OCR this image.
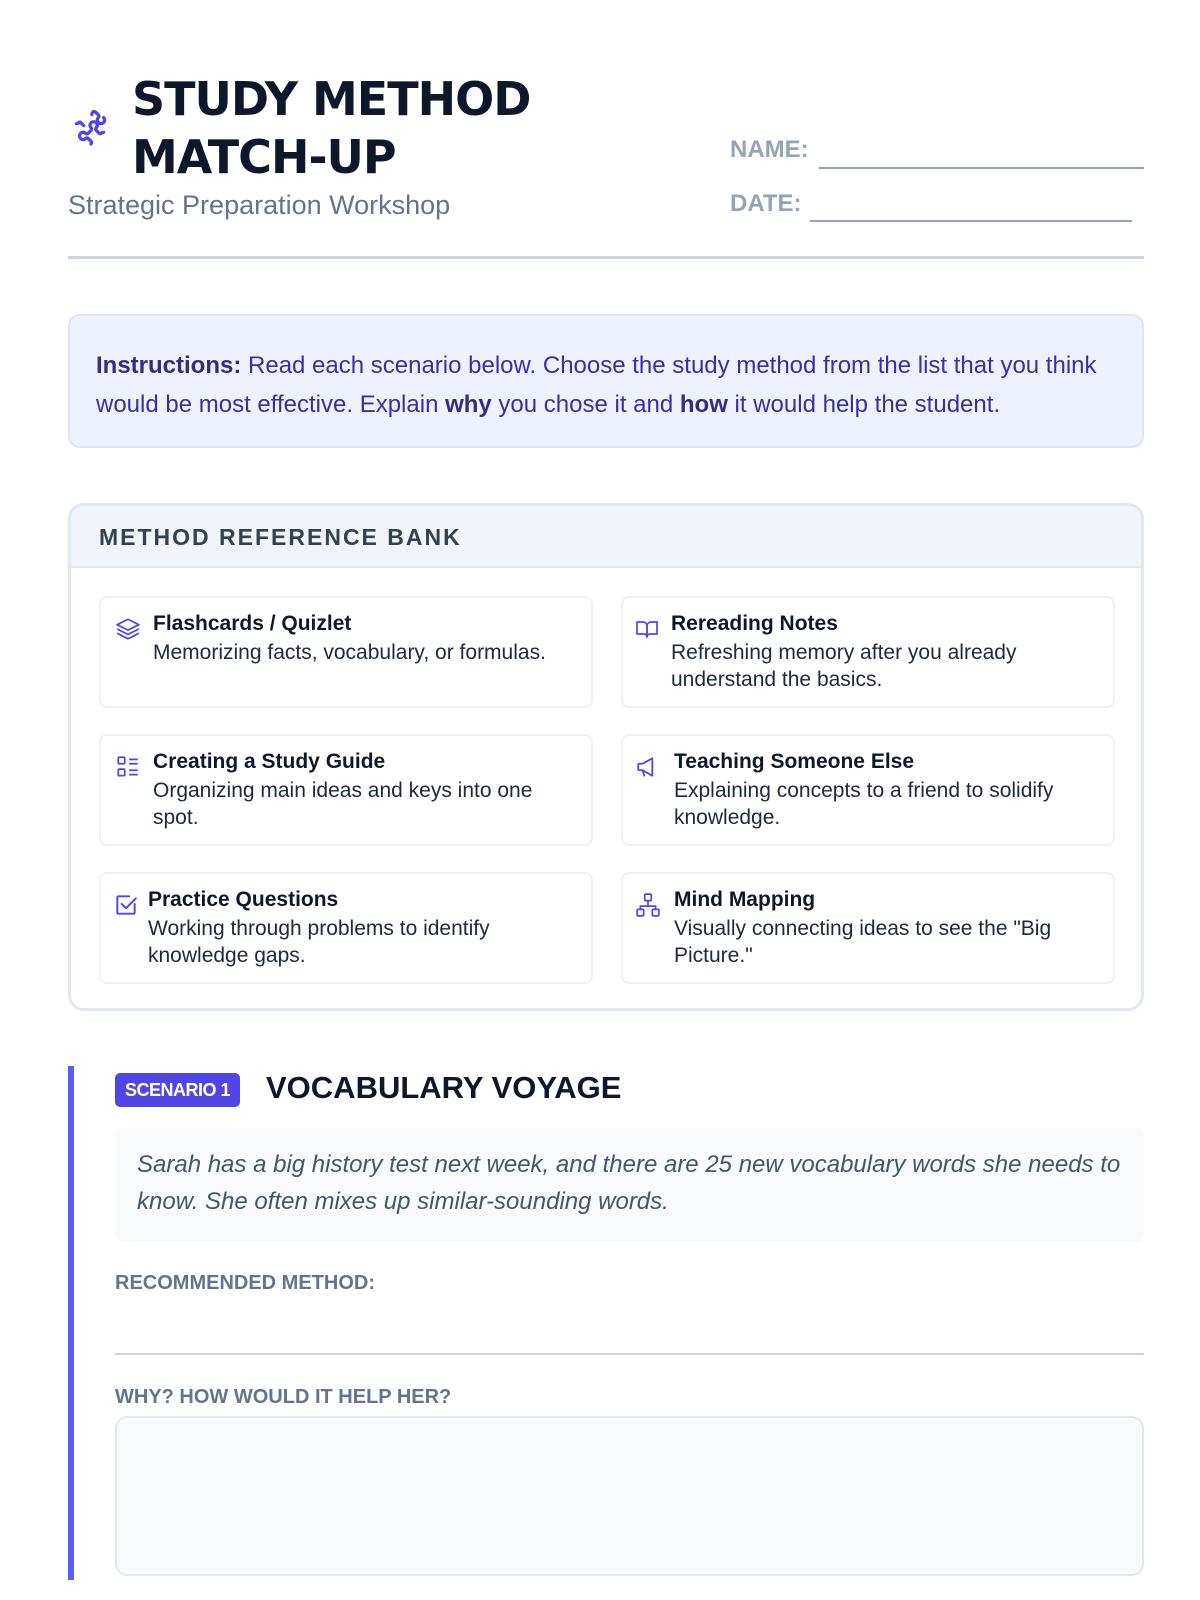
STUDY METHOD
MATCH-UP
Strategic Preparation Workshop
NAME:
DATE:
Instructions: Read each scenario below. Choose the study method from the list that you think would be most effective. Explain why you chose it and how it would help the student.
METHOD REFERENCE BANK
Flashcards / Quizlet
Memorizing facts, vocabulary, or formulas.
Rereading Notes
Refreshing memory after you already understand the basics.
Creating a Study Guide
Organizing main ideas and keys into one spot.
Teaching Someone Else
Explaining concepts to a friend to solidify knowledge.
Practice Questions
Working through problems to identify knowledge gaps.
Mind Mapping
Visually connecting ideas to see the "Big Picture."
SCENARIO 1	VOCABULARY VOYAGE
Sarah has a big history test next week, and there are 25 new vocabulary words she needs to know. She often mixes up similar-sounding words.
RECOMMENDED METHOD:
WHY? HOW WOULD IT HELP HER?
